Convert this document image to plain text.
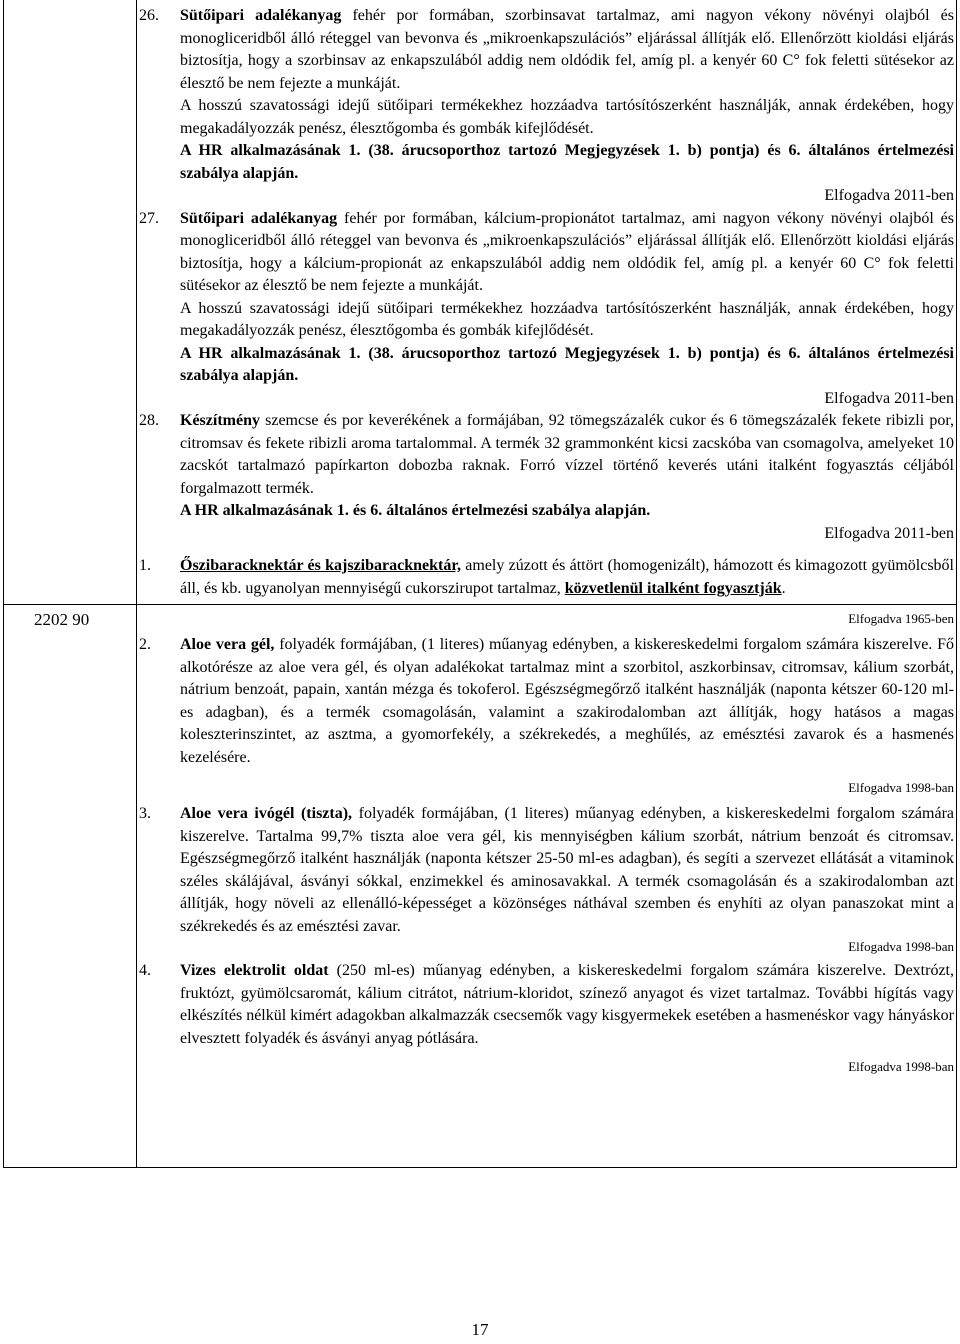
2202 90
26. Sütőipari adalékanyag fehér por formában, szorbinsavat tartalmaz, ami nagyon vékony növényi olajból és monogliceridből álló réteggel van bevonva és „mikroenkapszulációs” eljárással állítják elő. Ellenőrzött kioldási eljárás biztosítja, hogy a szorbinsav az enkapszulából addig nem oldódik fel, amíg pl. a kenyér 60 C° fok feletti sütésekor az élesztő be nem fejezte a munkáját.

A hosszú szavatossági idejű sütőipari termékekhez hozzáadva tartósítószerként használják, annak érdekében, hogy megakadályozzák penész, élesztőgomba és gombák kifejlődését.

A HR alkalmazásának 1. (38. árucsoporthoz tartozó Megjegyzések 1. b) pontja) és 6. általános értelmezési szabálya alapján.

Elfogadva 2011-ben
27. Sütőipari adalékanyag fehér por formában, kálcium-propionátot tartalmaz, ami nagyon vékony növényi olajból és monogliceridből álló réteggel van bevonva és „mikroenkapszulációs” eljárással állítják elő. Ellenőrzött kioldási eljárás biztosítja, hogy a kálcium-propionát az enkapszulából addig nem oldódik fel, amíg pl. a kenyér 60 C° fok feletti sütésekor az élesztő be nem fejezte a munkáját.

A hosszú szavatossági idejű sütőipari termékekhez hozzáadva tartósítószerként használják, annak érdekében, hogy megakadályozzák penész, élesztőgomba és gombák kifejlődését.

A HR alkalmazásának 1. (38. árucsoporthoz tartozó Megjegyzések 1. b) pontja) és 6. általános értelmezési szabálya alapján.

Elfogadva 2011-ben
28. Készítmény szemcse és por keverékének a formájában, 92 tömegszázalék cukor és 6 tömegszázalék fekete ribizli por, citromsav és fekete ribizli aroma tartalommal. A termék 32 grammonként kicsi zacskóba van csomagolva, amelyeket 10 zacskót tartalmazó papírkarton dobozba raknak. Forró vízzel történő keverés utáni italként fogyasztás céljából forgalmazott termék.

A HR alkalmazásának 1. és 6. általános értelmezési szabálya alapján.

Elfogadva 2011-ben
1. Őszibaracknektár és kajszibaracknektár, amely zúzott és áttört (homogenizált), hámozott és kimagozott gyümölcsből áll, és kb. ugyanolyan mennyiségű cukorszirupot tartalmaz, közvetlenül italként fogyasztják.

Elfogadva 1965-ben
2. Aloe vera gél, folyadék formájában, (1 literes) műanyag edényben, a kiskereskedelmi forgalom számára kiszerelve. Fő alkotórésze az aloe vera gél, és olyan adalékokat tartalmaz mint a szorbitol, aszkorbinsav, citromsav, kálium szorbát, nátrium benzoát, papain, xantán mézga és tokoferol. Egészségmegőrző italként használják (naponta kétszer 60-120 ml-es adagban), és a termék csomagolásán, valamint a szakirodalomban azt állítják, hogy hatásos a magas koleszterinszintet, az asztma, a gyomorfekély, a székrekedés, a meghűlés, az emésztési zavarok és a hasmenés kezelésére.

Elfogadva 1998-ban
3. Aloe vera ivógél (tiszta), folyadék formájában, (1 literes) műanyag edényben, a kiskereskedelmi forgalom számára kiszerelve. Tartalma 99,7% tiszta aloe vera gél, kis mennyiségben kálium szorbát, nátrium benzoát és citromsav. Egészségmegőrző italként használják (naponta kétszer 25-50 ml-es adagban), és segíti a szervezet ellátását a vitaminok széles skálájával, ásványi sókkal, enzimekkel és aminosavakkal. A termék csomagolásán és a szakirodalomban azt állítják, hogy növeli az ellenálló-képességet a közönséges náthával szemben és enyhíti az olyan panaszokat mint a székrekedés és az emésztési zavar.

Elfogadva 1998-ban
4. Vizes elektrolit oldat (250 ml-es) műanyag edényben, a kiskereskedelmi forgalom számára kiszerelve. Dextrózt, fruktózt, gyümölcsaromát, kálium citrátot, nátrium-kloridot, színező anyagot és vizet tartalmaz. További hígítás vagy elkészítés nélkül kimért adagokban alkalmazzák csecsemők vagy kisgyermekek esetében a hasmenéskor vagy hányáskor elvesztett folyadék és ásványi anyag pótlására.

Elfogadva 1998-ban
17
